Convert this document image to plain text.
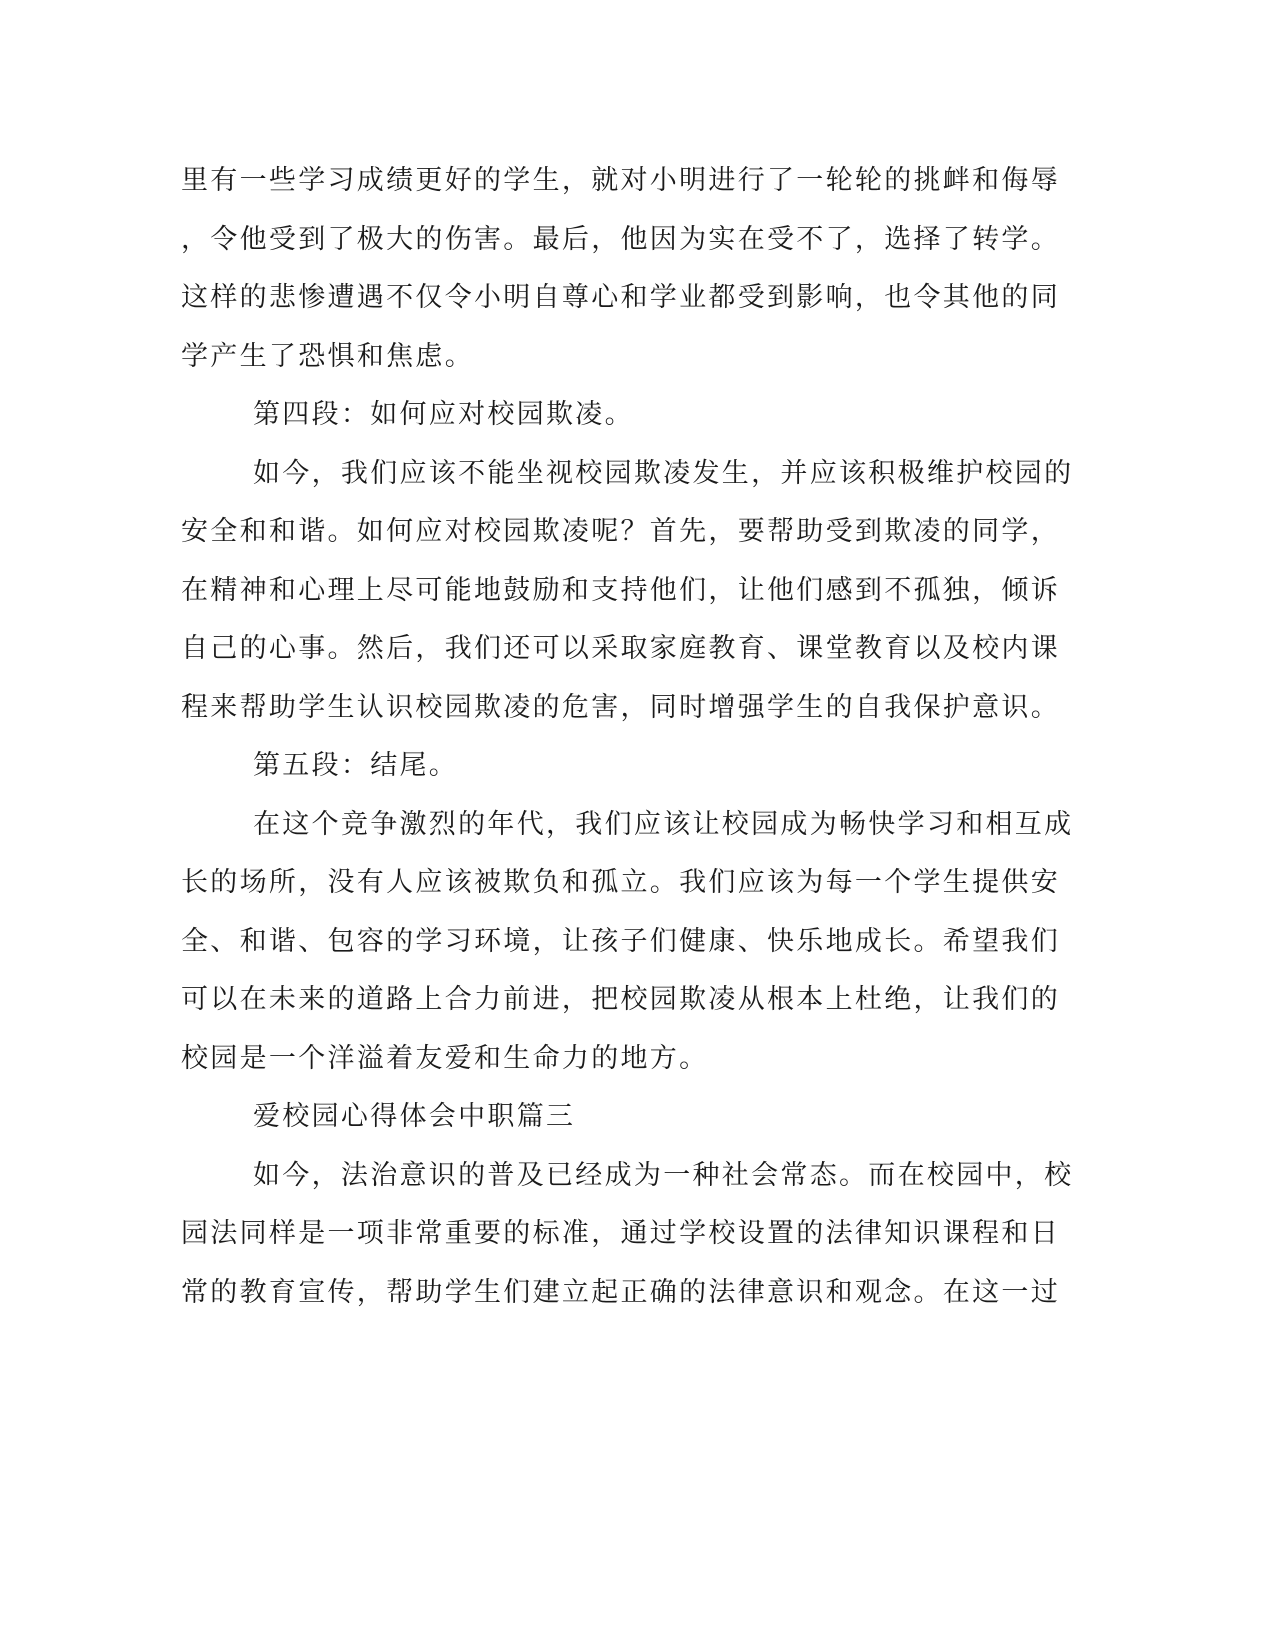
里有一些学习成绩更好的学生，就对小明进行了一轮轮的挑衅和侮辱
，令他受到了极大的伤害。最后，他因为实在受不了，选择了转学。
这样的悲惨遭遇不仅令小明自尊心和学业都受到影响，也令其他的同
学产生了恐惧和焦虑。
第四段：如何应对校园欺凌。
如今，我们应该不能坐视校园欺凌发生，并应该积极维护校园的
安全和和谐。如何应对校园欺凌呢？首先，要帮助受到欺凌的同学，
在精神和心理上尽可能地鼓励和支持他们，让他们感到不孤独，倾诉
自己的心事。然后，我们还可以采取家庭教育、课堂教育以及校内课
程来帮助学生认识校园欺凌的危害，同时增强学生的自我保护意识。
第五段：结尾。
在这个竞争激烈的年代，我们应该让校园成为畅快学习和相互成
长的场所，没有人应该被欺负和孤立。我们应该为每一个学生提供安
全、和谐、包容的学习环境，让孩子们健康、快乐地成长。希望我们
可以在未来的道路上合力前进，把校园欺凌从根本上杜绝，让我们的
校园是一个洋溢着友爱和生命力的地方。
爱校园心得体会中职篇三
如今，法治意识的普及已经成为一种社会常态。而在校园中，校
园法同样是一项非常重要的标准，通过学校设置的法律知识课程和日
常的教育宣传，帮助学生们建立起正确的法律意识和观念。在这一过
